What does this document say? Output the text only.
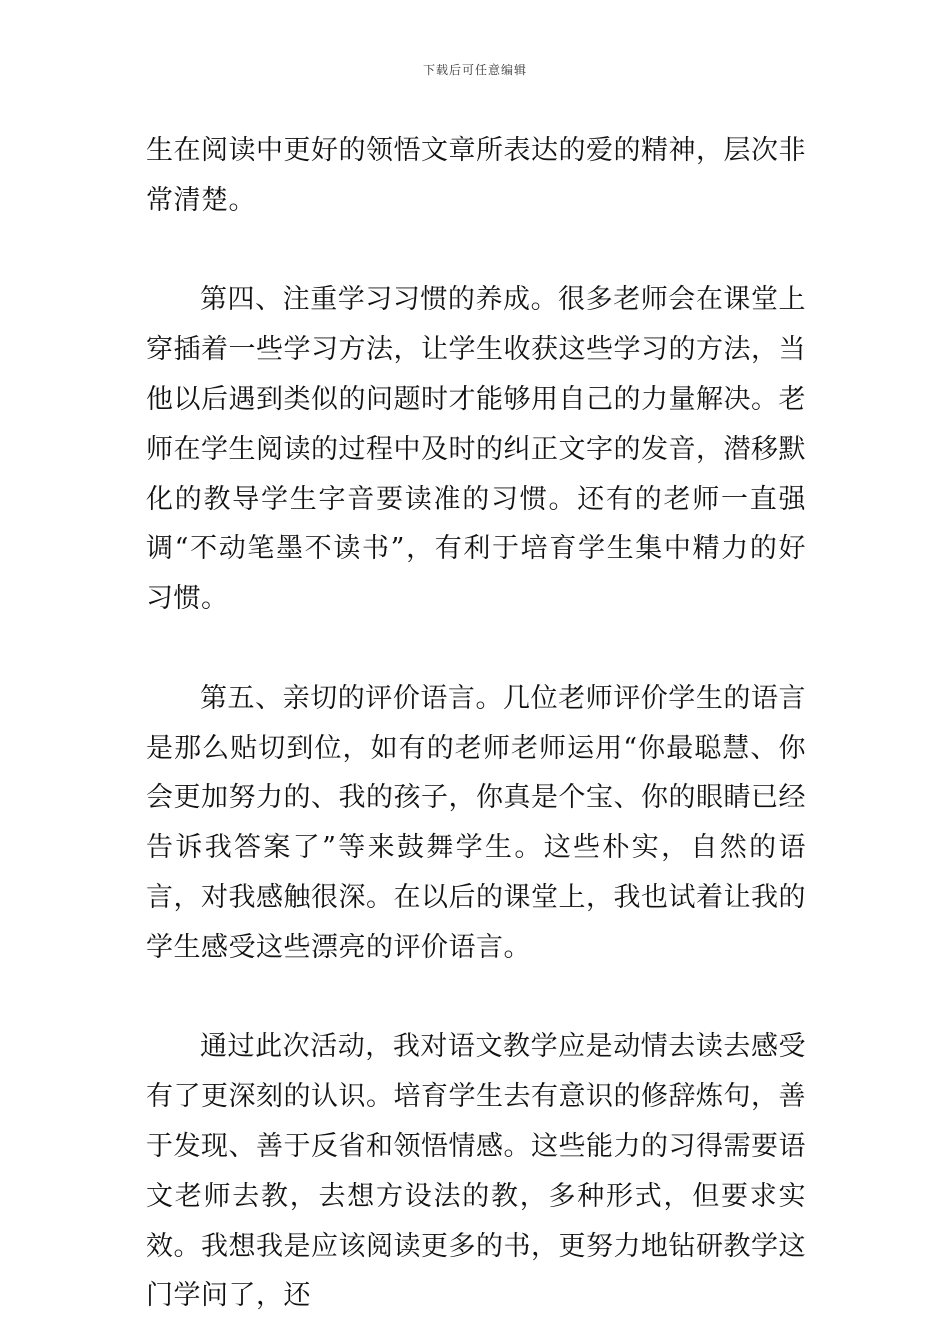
下载后可任意编辑

生在阅读中更好的领悟文章所表达的爱的精神，层次非常清楚。

第四、注重学习习惯的养成。很多老师会在课堂上穿插着一些学习方法，让学生收获这些学习的方法，当他以后遇到类似的问题时才能够用自己的力量解决。老师在学生阅读的过程中及时的纠正文字的发音，潜移默化的教导学生字音要读准的习惯。还有的老师一直强调“不动笔墨不读书”，有利于培育学生集中精力的好习惯。

第五、亲切的评价语言。几位老师评价学生的语言是那么贴切到位，如有的老师老师运用“你最聪慧、你会更加努力的、我的孩子，你真是个宝、你的眼睛已经告诉我答案了”等来鼓舞学生。这些朴实，自然的语言，对我感触很深。在以后的课堂上，我也试着让我的学生感受这些漂亮的评价语言。

通过此次活动，我对语文教学应是动情去读去感受有了更深刻的认识。培育学生去有意识的修辞炼句，善于发现、善于反省和领悟情感。这些能力的习得需要语文老师去教，去想方设法的教，多种形式，但要求实效。我想我是应该阅读更多的书，更努力地钻研教学这门学问了，还
